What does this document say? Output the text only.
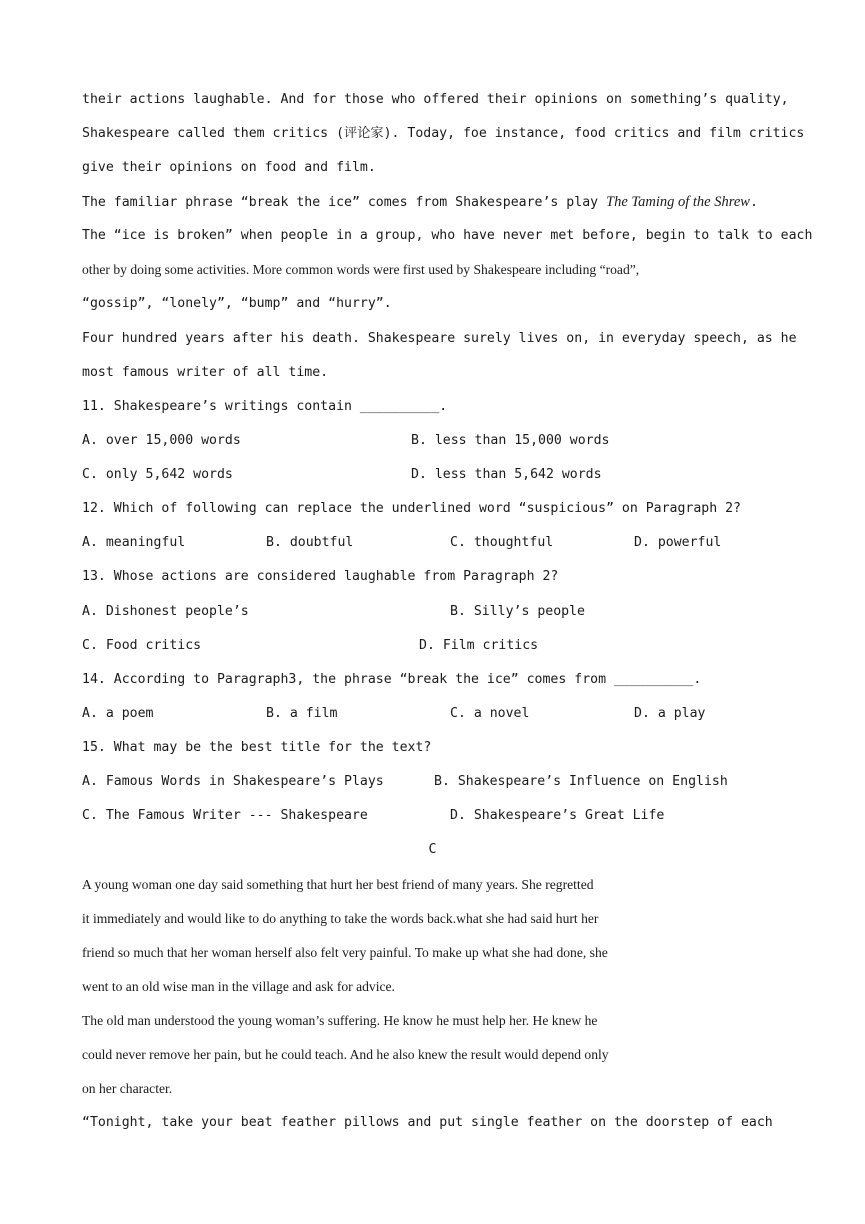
their actions laughable. And for those who offered their opinions on something’s quality,
Shakespeare called them critics (评论家). Today, foe instance, food critics and film critics
give their opinions on food and film.
The familiar phrase “break the ice” comes from Shakespeare’s play The Taming of the Shrew.
The “ice is broken” when people in a group, who have never met before, begin to talk to each
other by doing some activities. More common words were first used by Shakespeare including “road”,
“gossip”, “lonely”, “bump” and “hurry”.
Four hundred years after his death. Shakespeare surely lives on, in everyday speech, as he
most famous writer of all time.
11. Shakespeare’s writings contain __________.
A. over 15,000 words	B. less than 15,000 words
C. only 5,642 words	D. less than 5,642 words
12. Which of following can replace the underlined word “suspicious” on Paragraph 2?
A. meaningful	B. doubtful	C. thoughtful	D. powerful
13. Whose actions are considered laughable from Paragraph 2?
A. Dishonest people’s	B. Silly’s people
C. Food critics	D. Film critics
14. According to Paragraph3, the phrase “break the ice” comes from __________.
A. a poem	B. a film	C. a novel	D. a play
15. What may be the best title for the text?
A. Famous Words in Shakespeare’s Plays	B. Shakespeare’s Influence on English
C. The Famous Writer --- Shakespeare	D. Shakespeare’s Great Life
C
A young woman one day said something that hurt her best friend of many years. She regretted
it immediately and would like to do anything to take the words back.what she had said hurt her
friend so much that her woman herself also felt very painful. To make up what she had done, she
went to an old wise man in the village and ask for advice.
The old man understood the young woman’s suffering. He know he must help her. He knew he
could never remove her pain, but he could teach. And he also knew the result would depend only
on her character.
“Tonight, take your beat feather pillows and put single feather on the doorstep of each
